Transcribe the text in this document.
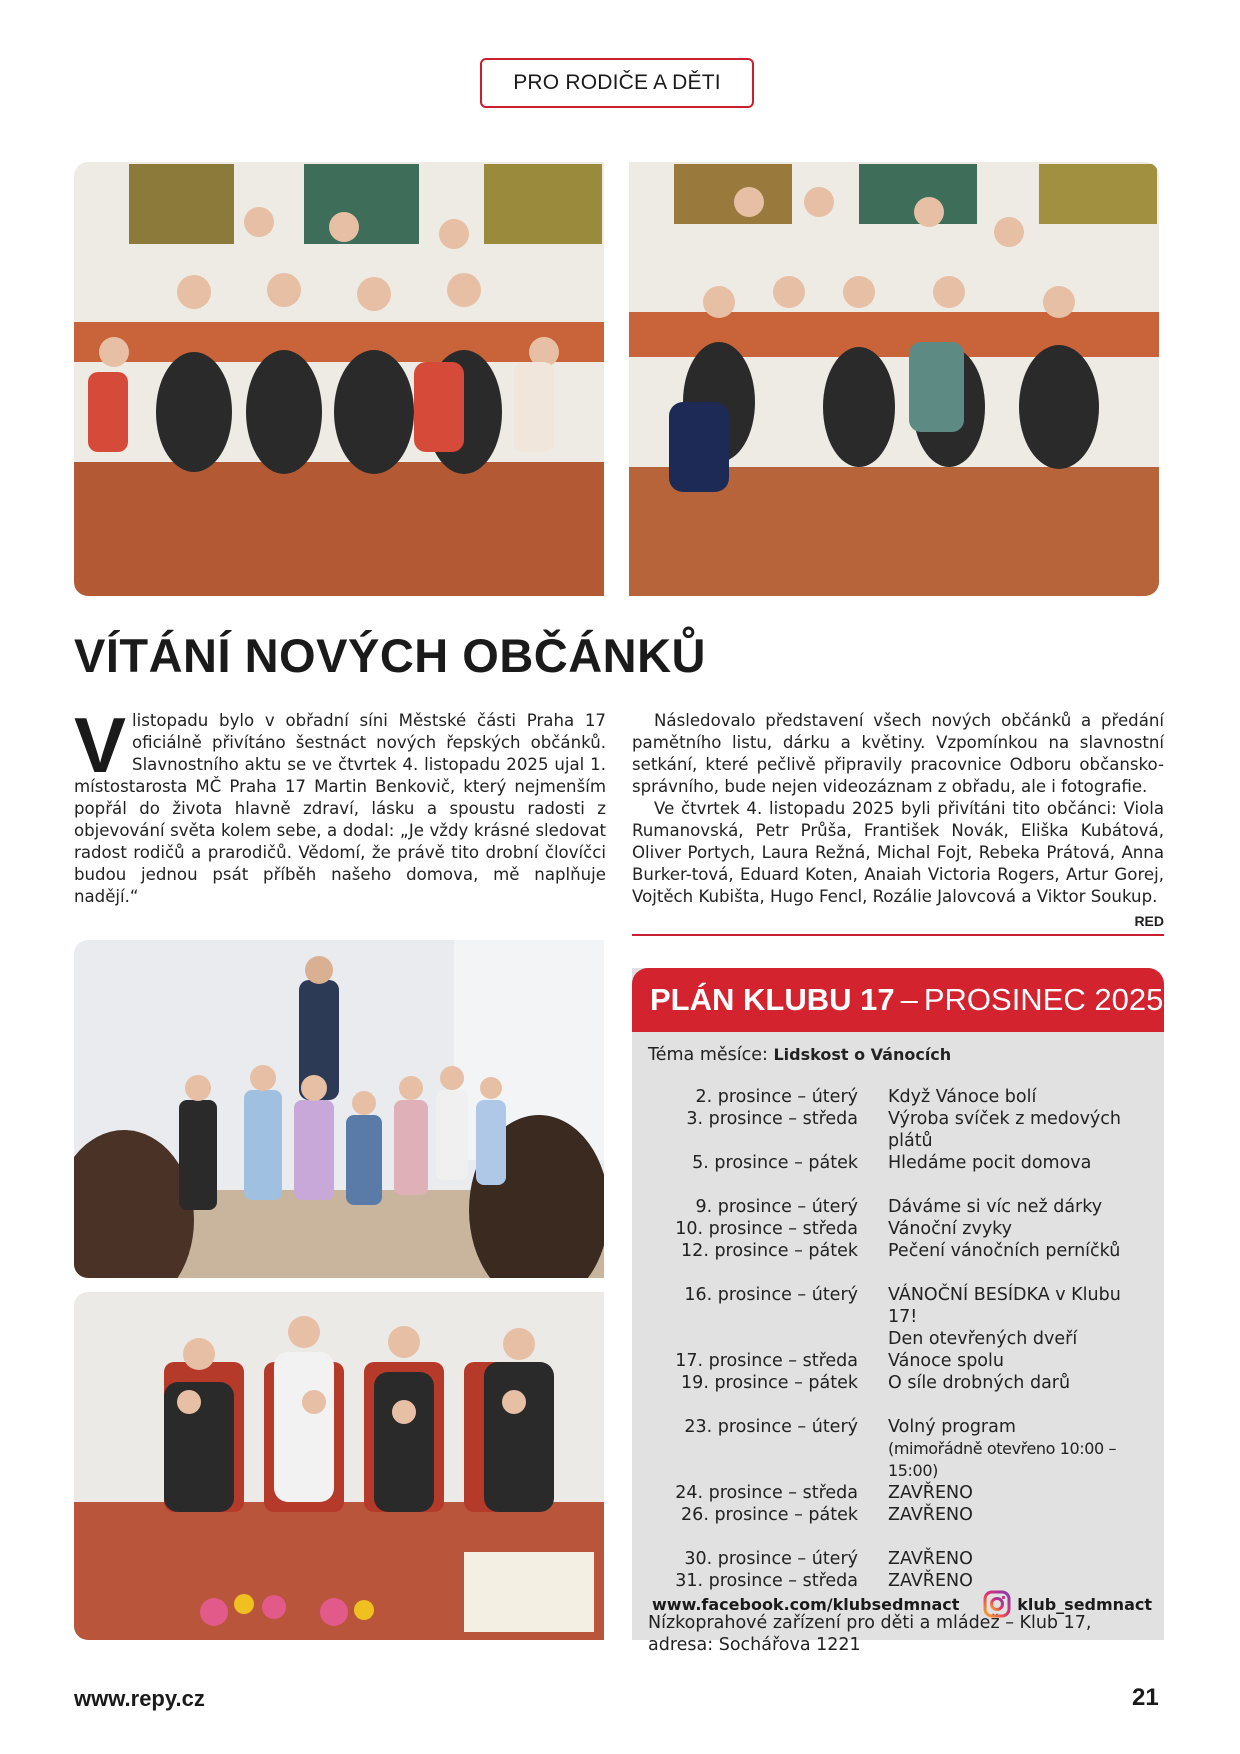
PRO RODIČE A DĚTI
VÍTÁNÍ NOVÝCH OBČÁNKŮ
V listopadu bylo v obřadní síni Městské části Praha 17 oficiálně přivítáno šestnáct nových řepských občánků. Slavnostního aktu se ve čtvrtek 4. listopadu 2025 ujal 1. místostarosta MČ Praha 17 Martin Benkovič, který nejmenším popřál do života hlavně zdraví, lásku a spoustu radosti z objevování světa kolem sebe, a dodal: „Je vždy krásné sledovat radost rodičů a prarodičů. Vědomí, že právě tito drobní človíčci budou jednou psát příběh našeho domova, mě naplňuje nadějí.“

Následovalo představení všech nových občánků a předání pamětního listu, dárku a květiny. Vzpomínkou na slavnostní setkání, které pečlivě připravily pracovnice Odboru občansko-správního, bude nejen videozáznam z obřadu, ale i fotografie.

Ve čtvrtek 4. listopadu 2025 byli přivítáni tito občánci: Viola Rumanovská, Petr Průša, František Novák, Eliška Kubátová, Oliver Portych, Laura Režná, Michal Fojt, Rebeka Prátová, Anna Burker-tová, Eduard Koten, Anaiah Victoria Rogers, Artur Gorej, Vojtěch Kubišta, Hugo Fencl, Rozálie Jalovcová a Viktor Soukup.
RED

PLÁN KLUBU 17 – PROSINEC 2025
Téma měsíce: Lidskost o Vánocích
2. prosince – úterý	Když Vánoce bolí
3. prosince – středa	Výroba svíček z medových plátů
5. prosince – pátek	Hledáme pocit domova
9. prosince – úterý	Dáváme si víc než dárky
10. prosince – středa	Vánoční zvyky
12. prosince – pátek	Pečení vánočních perníčků
16. prosince – úterý	VÁNOČNÍ BESÍDKA v Klubu 17!
Den otevřených dveří
17. prosince – středa	Vánoce spolu
19. prosince – pátek	O síle drobných darů
23. prosince – úterý	Volný program
(mimořádně otevřeno 10:00 – 15:00)
24. prosince – středa	ZAVŘENO
26. prosince – pátek	ZAVŘENO
30. prosince – úterý	ZAVŘENO
31. prosince – středa	ZAVŘENO
Nízkoprahové zařízení pro děti a mládež – Klub 17,
adresa: Sochářova 1221
www.facebook.com/klubsedmnact	klub_sedmnact
www.repy.cz	21
